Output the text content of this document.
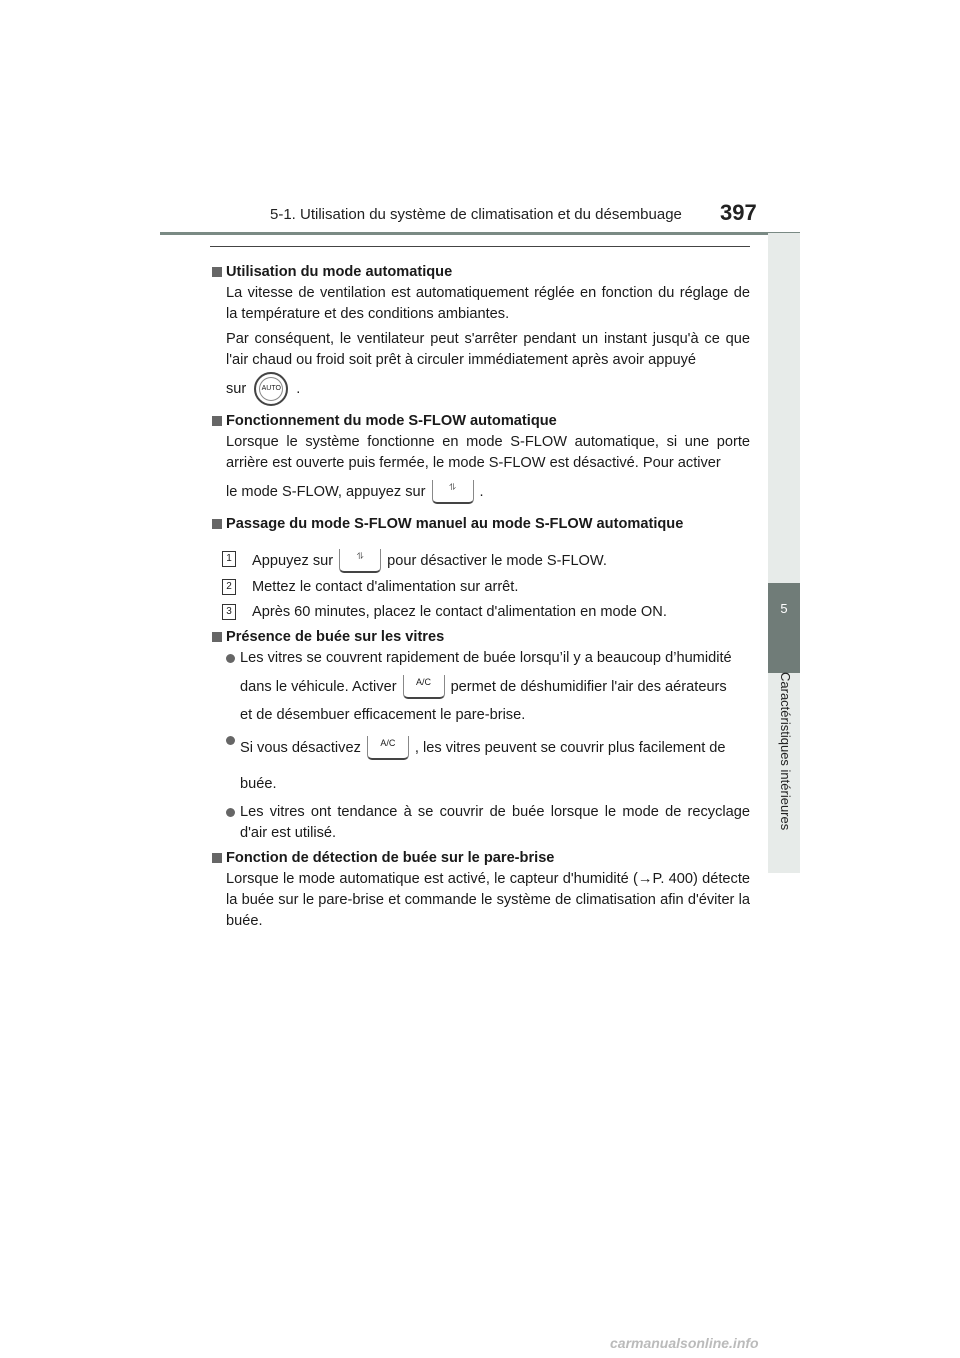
5-1. Utilisation du système de climatisation et du désembuage 397
5
Caractéristiques intérieures

Utilisation du mode automatique

La vitesse de ventilation est automatiquement réglée en fonction du réglage de la température et des conditions ambiantes.

Par conséquent, le ventilateur peut s'arrêter pendant un instant jusqu'à ce que l'air chaud ou froid soit prêt à circuler immédiatement après avoir appuyé

sur AUTO .

Fonctionnement du mode S-FLOW automatique

Lorsque le système fonctionne en mode S-FLOW automatique, si une porte arrière est ouverte puis fermée, le mode S-FLOW est désactivé. Pour activer

le mode S-FLOW, appuyez sur	⥮ .

Passage du mode S-FLOW manuel au mode S-FLOW automatique

1 Appuyez sur	⥮ pour désactiver le mode S-FLOW.
2 Mettez le contact d'alimentation sur arrêt.
3 Après 60 minutes, placez le contact d'alimentation en mode ON.

Présence de buée sur les vitres

Les vitres se couvrent rapidement de buée lorsqu’il y a beaucoup d’humidité
dans le véhicule. Activer A/C permet de déshumidifier l'air des aérateurs
et de désembuer efficacement le pare-brise.

Si vous désactivez A/C , les vitres peuvent se couvrir plus facilement de
buée.

Les vitres ont tendance à se couvrir de buée lorsque le mode de recyclage d'air est utilisé.

Fonction de détection de buée sur le pare-brise

Lorsque le mode automatique est activé, le capteur d'humidité (→P. 400) détecte la buée sur le pare-brise et commande le système de climatisation afin d'éviter la buée.

carmanualsonline.info
